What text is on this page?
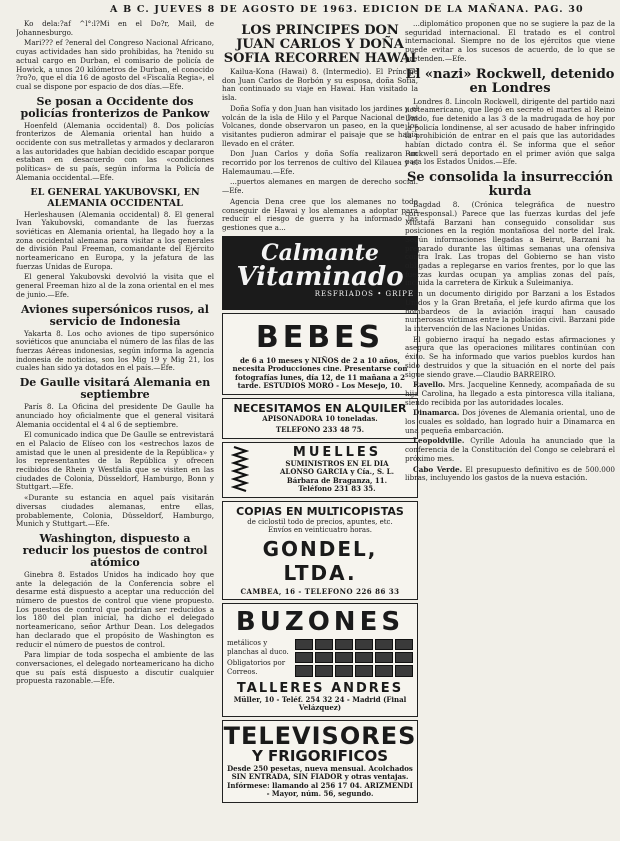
A B C. JUEVES 8 DE AGOSTO DE 1963. EDICION DE LA MAÑANA. PAG. 30

Ko dela:?af ^l°:l?Mi en el Do?r, Mail, de Johannesburgo.

Mari??? ef ?eneral del Congreso Nacional Africano, cuyas actividades han sido prohibidas, ha ?tenido su actual cargo en Durban, el comisario de policía de Howick, a unos 20 kilómetros de Durban, el conocido ?ro?o, que el día 16 de agosto del «Fiscalía Regia», el cual se dispone por espacio de dos días.—Efe.

Se posan a Occidente dos policías fronterizos de Pankow

Hoenfeld (Alemania occidental) 8. Dos policías fronterizos de Alemania oriental han huido a occidente con sus metralletas y armados y declararon a las autoridades que habían decidido escapar porque estaban en desacuerdo con las «condiciones políticas» de su país, según informa la Policía de Alemania occidental.—Efe.

EL GENERAL YAKUBOVSKI, EN ALEMANIA OCCIDENTAL

Herleshausen (Alemania occidental) 8. El general Ivan Yakubovski, comandante de las fuerzas soviéticas en Alemania oriental, ha llegado hoy a la zona occidental alemana para visitar a los generales de división Paul Freeman, comandante del Ejército norteamericano en Europa, y la jefatura de las fuerzas Unidas de Europa.

El general Yakubovski devolvió la visita que el general Freeman hizo al de la zona oriental en el mes de junio.—Efe.

Aviones supersónicos rusos, al servicio de Indonesia

Yakarta 8. Los ocho aviones de tipo supersónico soviéticos que anunciaba el número de las filas de las fuerzas Aéreas indonesias, según informa la agencia indonesia de noticias, son los Mig 19 y Mig 21, los cuales han sido ya dotados en el país.—Efe.

De Gaulle visitará Alemania en septiembre

París 8. La Oficina del presidente De Gaulle ha anunciado hoy oficialmente que el general visitará Alemania occidental el 4 al 6 de septiembre.

El comunicado indica que De Gaulle se entrevistará en el Palacio de Elíseo con los «estrechos lazos de amistad que le unen al presidente de la República» y los representantes de la República y ofrecen recibidos de Rhein y Westfalia que se visiten en las ciudades de Colonia, Düsseldorf, Hamburgo, Bonn y Stuttgart.—Efe.

«Durante su estancia en aquel país visitarán diversas ciudades alemanas, entre ellas, probablemente, Colonia, Düsseldorf, Hamburgo, Munich y Stuttgart.—Efe.

Washington, dispuesto a reducir los puestos de control atómico

Ginebra 8. Estados Unidos ha indicado hoy que ante la delegación de la Conferencia sobre el desarme está dispuesto a aceptar una reducción del número de puestos de control que viene propuesto. Los puestos de control que podrían ser reducidos a los 180 del plan inicial, ha dicho el delegado norteamericano, señor Arthur Dean. Los delegados han declarado que el propósito de Washington es reducir el número de puestos de control.

Para limpiar de toda sospecha el ambiente de las conversaciones, el delegado norteamericano ha dicho que su país está dispuesto a discutir cualquier propuesta razonable.—Efe.

LOS PRINCIPES DON JUAN CARLOS Y DOÑA SOFIA RECORREN HAWAI

Kailua-Kona (Hawai) 8. (Intermedio). El Príncipe don Juan Carlos de Borbón y su esposa, doña Sofía, han continuado su viaje en Hawai. Han visitado la isla.

Doña Sofía y don Juan han visitado los jardines y el volcán de la isla de Hilo y el Parque Nacional de los Volcanes, donde observaron un paseo, en la que los visitantes pudieron admirar el paisaje que se había llevado en el cráter.

Don Juan Carlos y doña Sofía realizaron un recorrido por los terrenos de cultivo del Kilauea y el Halemaumau.—Efe.

...puertos alemanes en margen de derecho social.—Efe.

Agencia Dena cree que los alemanes no todo conseguir de Hawai y los alemanes a adoptar para reducir el riesgo de guerra y ha informado las gestiones que a...

Calmante
Vitaminado
RESFRIADOS • GRIPE
BEBES
de 6 a 10 meses y NIÑOS de 2 a 10 años, necesita Producciones cine. Presentarse con fotografías lunes, día 12, de 11 mañana a 2 tarde. ESTUDIOS MORO - Los Mesejo, 10.
NECESITAMOS EN ALQUILER
APISONADORA 10 toneladas.
TELEFONO 233 48 75.
MUELLES
SUMINISTROS EN EL DIA
ALONSO GARCIA y Cía., S. L.
Bárbara de Braganza, 11.
Teléfono 231 83 35.
COPIAS EN MULTICOPISTAS
de ciclostil todo de precios, apuntes, etc.
Envíos en veinticuatro horas.
GONDEL, LTDA.
CAMBEA, 16 - TELEFONO 226 86 33
BUZONES
metálicos y planchas al duco.
Obligatorios por Correos.
TALLERES ANDRES
Müller, 10 - Teléf. 254 32 24 - Madrid (Final Velázquez)
TELEVISORES
Y FRIGORIFICOS
Desde 250 pesetas, nueva mensual. Acolchados SIN ENTRADA, SIN FIADOR y otras ventajas. Infórmese: llamando al 256 17 04. ARIZMENDI - Mayor, núm. 56, segundo.

...diplomático proponen que no se sugiere la paz de la seguridad internacional. El tratado es el control internacional. Siempre no de los ejércitos que viene puede evitar a los sucesos de acuerdo, de lo que se pretenden.—Efe.

El «nazi» Rockwell, detenido en Londres

Londres 8. Lincoln Rockwell, dirigente del partido nazi norteamericano, que llegó en secreto el martes al Reino Unido, fue detenido a las 3 de la madrugada de hoy por la policía londinense, al ser acusado de haber infringido la prohibición de entrar en el país que las autoridades habían dictado contra él. Se informa que el señor Rockwell será deportado en el primer avión que salga para los Estados Unidos.—Efe.

Se consolida la insurrección kurda

Bagdad 8. (Crónica telegráfica de nuestro corresponsal.) Parece que las fuerzas kurdas del jefe Mustafá Barzani han conseguido consolidar sus posiciones en la región montañosa del norte del Irak. Según informaciones llegadas a Beirut, Barzani ha preparado durante las últimas semanas una ofensiva contra Irak. Las tropas del Gobierno se han visto obligadas a replegarse en varios frentes, por lo que las fuerzas kurdas ocupan ya amplias zonas del país, incluida la carretera de Kirkuk a Suleimaniya.

En un documento dirigido por Barzani a los Estados Unidos y la Gran Bretaña, el jefe kurdo afirma que los bombardeos de la aviación iraquí han causado numerosas víctimas entre la población civil. Barzani pide la intervención de las Naciones Unidas.

El gobierno iraquí ha negado estas afirmaciones y asegura que las operaciones militares continúan con éxito. Se ha informado que varios pueblos kurdos han sido destruidos y que la situación en el norte del país sigue siendo grave.—Claudio BARREIRO.

Ravello. Mrs. Jacqueline Kennedy, acompañada de su hija Carolina, ha llegado a esta pintoresca villa italiana, siendo recibida por las autoridades locales.

Dinamarca. Dos jóvenes de Alemania oriental, uno de los cuales es soldado, han logrado huir a Dinamarca en una pequeña embarcación.

Leopoldville. Cyrille Adoula ha anunciado que la conferencia de la Constitución del Congo se celebrará el próximo mes.

Cabo Verde. El presupuesto definitivo es de 500.000 libras, incluyendo los gastos de la nueva estación.
